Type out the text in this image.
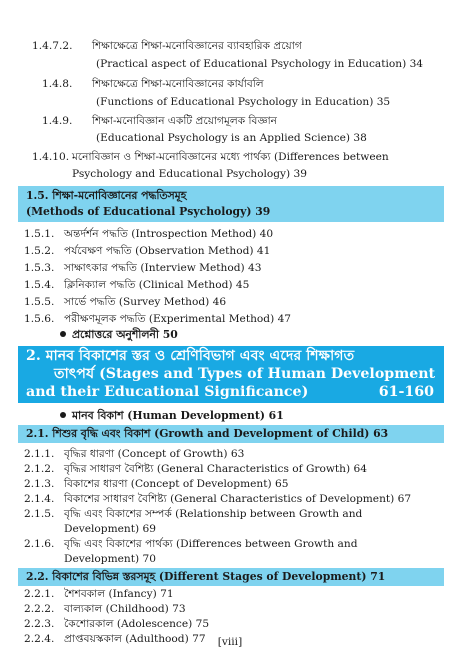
1.4.7.2. শিক্ষাক্ষেত্রে শিক্ষা-মনোবিজ্ঞানের ব্যাবহারিক প্রয়োগ
(Practical aspect of Educational Psychology in Education) 34
1.4.8. শিক্ষাক্ষেত্রে শিক্ষা-মনোবিজ্ঞানের কার্যাবলি
(Functions of Educational Psychology in Education) 35
1.4.9. শিক্ষা-মনোবিজ্ঞান একটি প্রয়োগমূলক বিজ্ঞান
(Educational Psychology is an Applied Science) 38
1.4.10. মনোবিজ্ঞান ও শিক্ষা-মনোবিজ্ঞানের মধ্যে পার্থক্য (Differences between
Psychology and Educational Psychology) 39
1.5. শিক্ষা-মনোবিজ্ঞানের পদ্ধতিসমূহ
(Methods of Educational Psychology) 39
1.5.1. অন্তর্দর্শন পদ্ধতি (Introspection Method) 40
1.5.2. পর্যবেক্ষণ পদ্ধতি (Observation Method) 41
1.5.3. সাক্ষাৎকার পদ্ধতি (Interview Method) 43
1.5.4. ক্লিনিক্যাল পদ্ধতি (Clinical Method) 45
1.5.5. সার্ভে পদ্ধতি (Survey Method) 46
1.5.6. পরীক্ষণমূলক পদ্ধতি (Experimental Method) 47
প্রশ্নোত্তরে অনুশীলনী 50
2. মানব বিকাশের স্তর ও শ্রেণিবিভাগ এবং এদের শিক্ষাগত
তাৎপর্য (Stages and Types of Human Development
and their Educational Significance)	61-160
মানব বিকাশ (Human Development) 61
2.1. শিশুর বৃদ্ধি এবং বিকাশ (Growth and Development of Child) 63
2.1.1. বৃদ্ধির ধারণা (Concept of Growth) 63
2.1.2. বৃদ্ধির সাধারণ বৈশিষ্ট্য (General Characteristics of Growth) 64
2.1.3. বিকাশের ধারণা (Concept of Development) 65
2.1.4. বিকাশের সাধারণ বৈশিষ্ট্য (General Characteristics of Development) 67
2.1.5. বৃদ্ধি এবং বিকাশের সম্পর্ক (Relationship between Growth and
Development) 69
2.1.6. বৃদ্ধি এবং বিকাশের পার্থক্য (Differences between Growth and
Development) 70
2.2. বিকাশের বিভিন্ন স্তরসমূহ (Different Stages of Development) 71
2.2.1. শৈশবকাল (Infancy) 71
2.2.2. বাল্যকাল (Childhood) 73
2.2.3. কৈশোরকাল (Adolescence) 75
2.2.4. প্রাপ্তবয়স্ককাল (Adulthood) 77	[viii]
